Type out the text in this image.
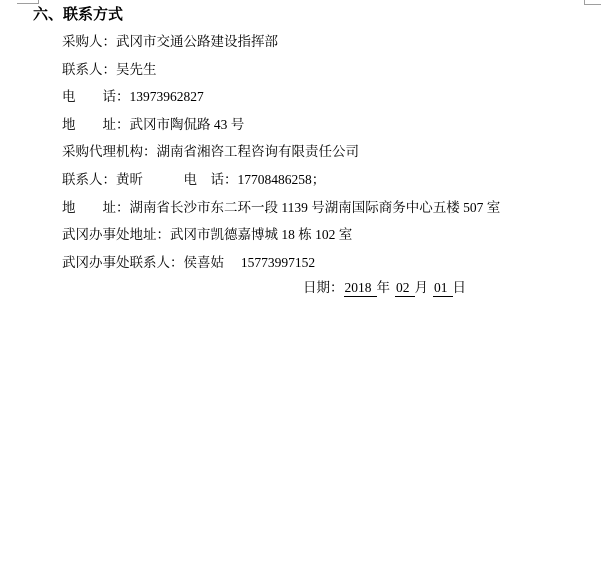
六、联系方式

采购人：武冈市交通公路建设指挥部

联系人：吴先生

电　　话：13973962827

地　　址：武冈市陶侃路 43 号

采购代理机构：湖南省湘咨工程咨询有限责任公司

联系人：黄昕　　　电　话：17708486258；

地　　址：湖南省长沙市东二环一段 1139 号湖南国际商务中心五楼 507 室

武冈办事处地址：武冈市凯德嘉博城 18 栋 102 室

武冈办事处联系人：侯喜姑　 15773997152

日期：2018 年 02 月 01 日
